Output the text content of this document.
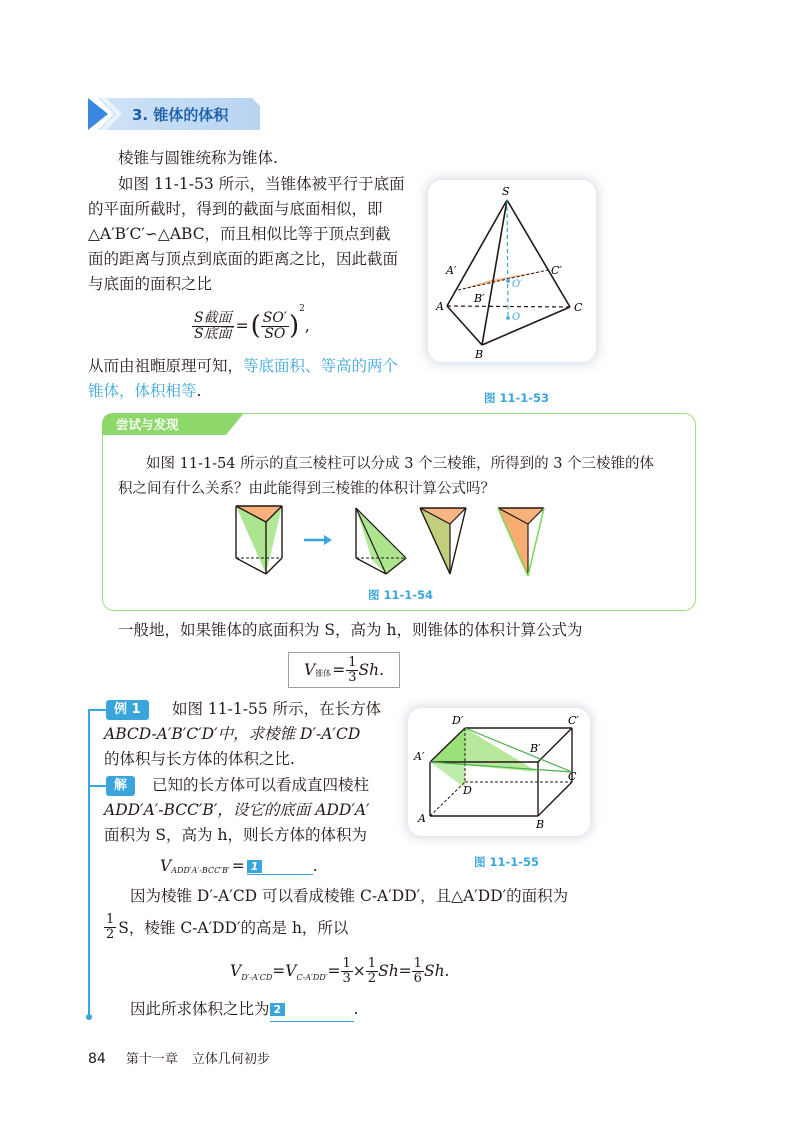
3. 锥体的体积
棱锥与圆锥统称为锥体.
如图 11-1-53 所示，当锥体被平行于底面
的平面所截时，得到的截面与底面相似，即
△A′B′C′∽△ABC，而且相似比等于顶点到截
面的距离与顶点到底面的距离之比，因此截面
与底面的面积之比
$\frac{\text{S截面}}{\text{S底面}}$ = ( $\frac{SO'}{SO}$ )
2
,
从而由祖暅原理可知，等底面积、等高的两个
锥体，体积相等.
S
A′	C′
O′
B′
A	C
O
B
图 11-1-53
尝试与发现
如图 11-1-54 所示的直三棱柱可以分成 3 个三棱锥，所得到的 3 个三棱锥的体
积之间有什么关系？由此能得到三棱锥的体积计算公式吗？
图 11-1-54
一般地，如果锥体的底面积为 S，高为 h，则锥体的体积计算公式为
V 锥体 = $\frac{1}{3} Sh$.
例 1	如图 11-1-55 所示，在长方体
ABCD-A′B′C′D′中，求棱锥 D′-A′CD
的体积与长方体的体积之比.
解	已知的长方体可以看成直四棱柱
ADD′A′-BCC′B′，设它的底面 ADD′A′
面积为 S，高为 h，则长方体的体积为
V ADD′A′-BCC′B′ = 1	.
D′	C′
A′
B′
D
C
A	B
图 11-1-55
因为棱锥 D′-A′CD 可以看成棱锥 C-A′DD′，且△A′DD′的面积为
$\frac{1}{2}$ S，棱锥 C-A′DD′的高是 h，所以
V D′-A′CD =V $C-A'DD' = \frac{1}{3} \times \frac{1}{2} Sh= \frac{1}{6} Sh$.
因此所求体积之比为 2	.
84 第十一章 立体几何初步
